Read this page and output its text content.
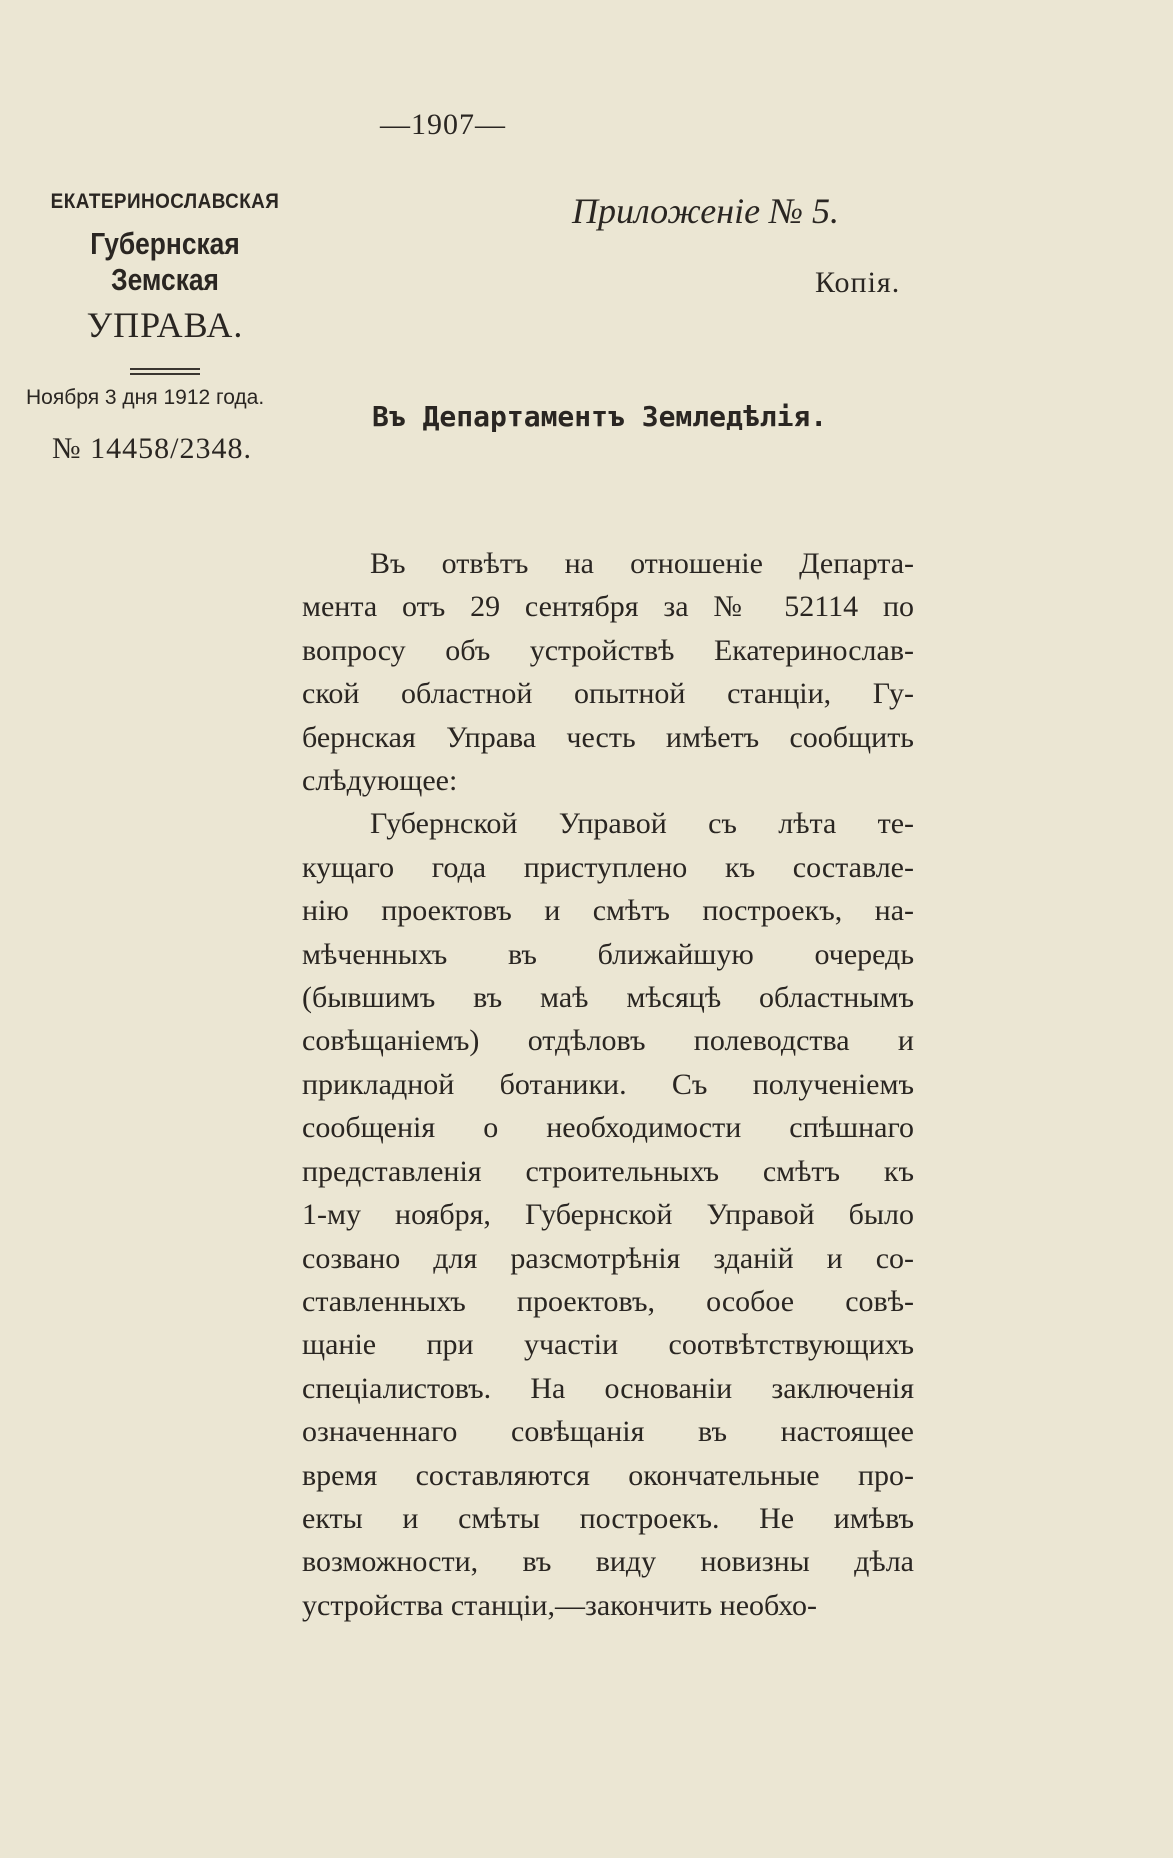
—1907—
ЕКАТЕРИНОСЛАВСКАЯ
Губернская Земская
УПРАВА.
Ноября 3 дня 1912 года.
№ 14458/2348.
Приложеніе № 5.
Копія.
Въ Департаментъ Земледѣлія.
Въ отвѣтъ на отношеніе Департа-
мента отъ 29 сентября за № 52114 по
вопросу объ устройствѣ Екатеринослав-
ской областной опытной станціи, Гу-
бернская Управа честь имѣетъ сообщить
слѣдующее:
Губернской Управой съ лѣта те-
кущаго года приступлено къ составле-
нію проектовъ и смѣтъ построекъ, на-
мѣченныхъ въ ближайшую очередь
(бывшимъ въ маѣ мѣсяцѣ областнымъ
совѣщаніемъ) отдѣловъ полеводства и
прикладной ботаники. Съ полученіемъ
сообщенія о необходимости спѣшнаго
представленія строительныхъ смѣтъ къ
1-му ноября, Губернской Управой было
созвано для разсмотрѣнія зданій и со-
ставленныхъ проектовъ, особое совѣ-
щаніе при участіи соотвѣтствующихъ
спеціалистовъ. На основаніи заключенія
означеннаго совѣщанія въ настоящее
время составляются окончательные про-
екты и смѣты построекъ. Не имѣвъ
возможности, въ виду новизны дѣла
устройства станціи,—закончить необхо-
